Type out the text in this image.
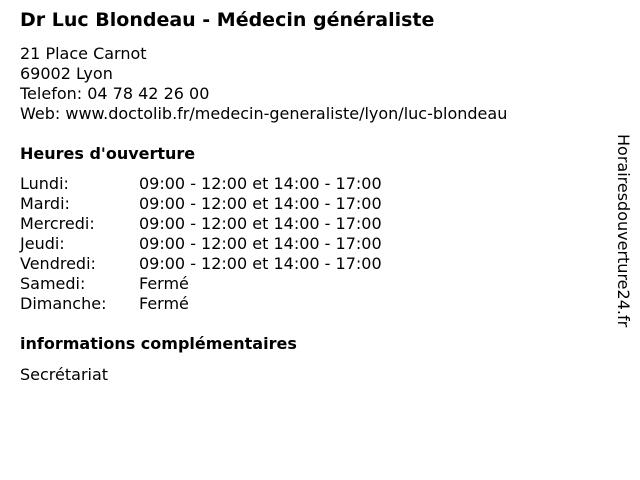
Dr Luc Blondeau - Médecin généraliste
21 Place Carnot
69002 Lyon
Telefon: 04 78 42 26 00
Web: www.doctolib.fr/medecin-generaliste/lyon/luc-blondeau
Heures d'ouverture
Lundi:	09:00 - 12:00 et 14:00 - 17:00
Mardi:	09:00 - 12:00 et 14:00 - 17:00
Mercredi:	09:00 - 12:00 et 14:00 - 17:00
Jeudi:	09:00 - 12:00 et 14:00 - 17:00
Vendredi:	09:00 - 12:00 et 14:00 - 17:00
Samedi:	Fermé
Dimanche:	Fermé
informations complémentaires
Secrétariat
Horairesdouverture24.fr
